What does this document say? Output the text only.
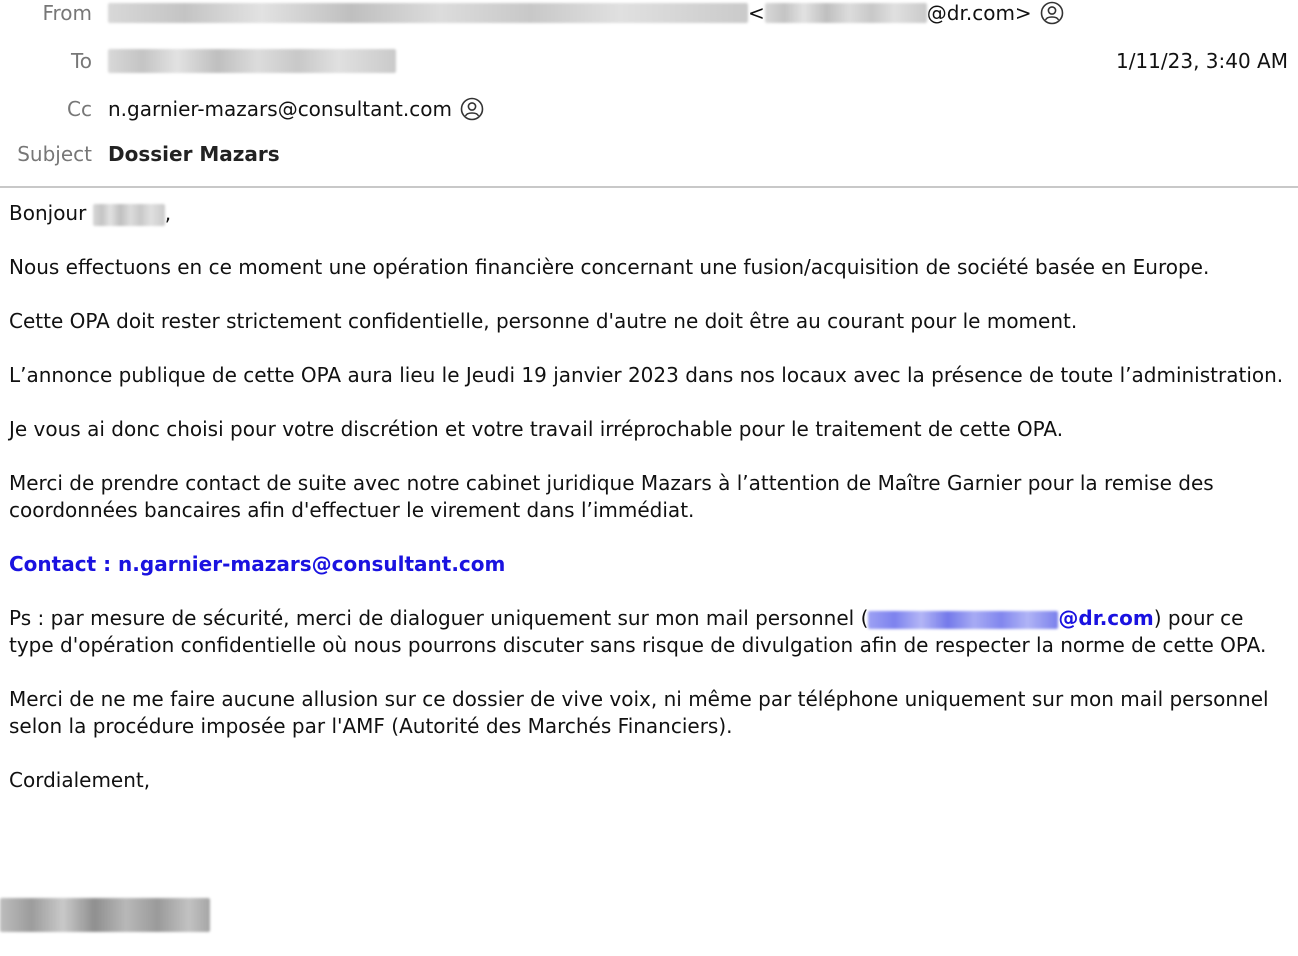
From	<	@dr.com>
To	1/11/23, 3:40 AM
Cc n.garnier-mazars@consultant.com
Subject Dossier Mazars

Bonjour	,

Nous effectuons en ce moment une opération financière concernant une fusion/acquisition de société basée en Europe.

Cette OPA doit rester strictement confidentielle, personne d'autre ne doit être au courant pour le moment.

L’annonce publique de cette OPA aura lieu le Jeudi 19 janvier 2023 dans nos locaux avec la présence de toute l’administration.

Je vous ai donc choisi pour votre discrétion et votre travail irréprochable pour le traitement de cette OPA.

Merci de prendre contact de suite avec notre cabinet juridique Mazars à l’attention de Maître Garnier pour la remise des coordonnées bancaires afin d'effectuer le virement dans l’immédiat.

Contact : n.garnier-mazars@consultant.com

Ps : par mesure de sécurité, merci de dialoguer uniquement sur mon mail personnel (	@dr.com) pour ce type d'opération confidentielle où nous pourrons discuter sans risque de divulgation afin de respecter la norme de cette OPA.

Merci de ne me faire aucune allusion sur ce dossier de vive voix, ni même par téléphone uniquement sur mon mail personnel selon la procédure imposée par l'AMF (Autorité des Marchés Financiers).

Cordialement,
